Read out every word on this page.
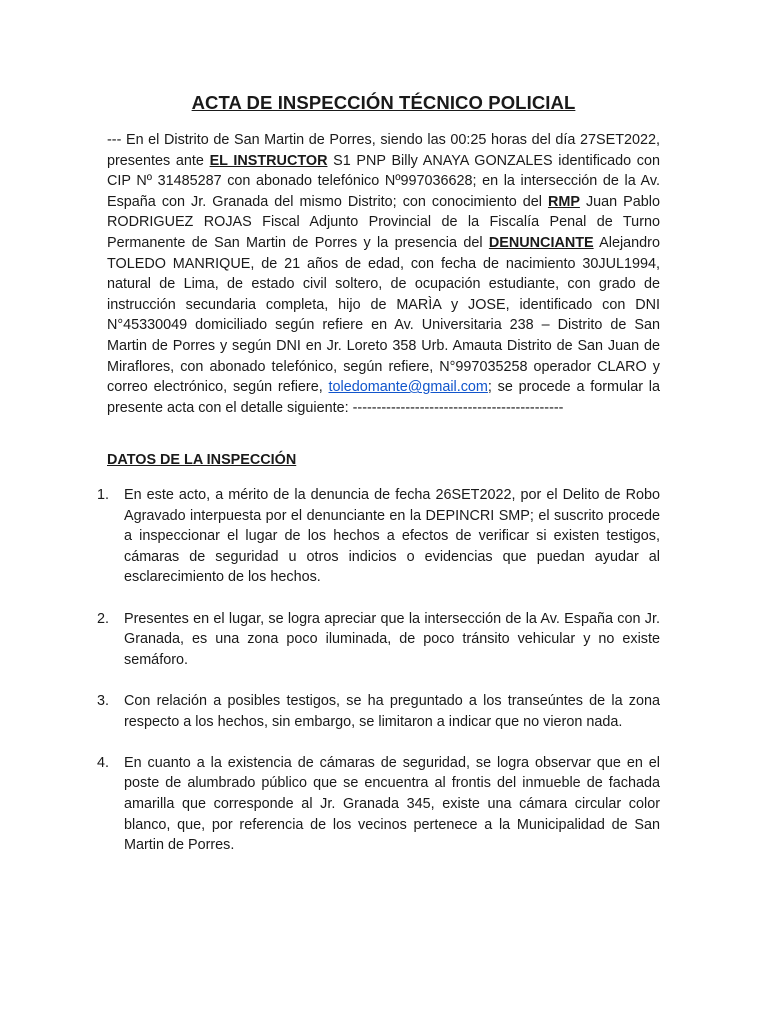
ACTA DE INSPECCIÓN TÉCNICO POLICIAL

--- En el Distrito de San Martin de Porres, siendo las 00:25 horas del día 27SET2022, presentes ante EL INSTRUCTOR S1 PNP Billy ANAYA GONZALES identificado con CIP Nº 31485287 con abonado telefónico Nº997036628; en la intersección de la Av. España con Jr. Granada del mismo Distrito; con conocimiento del RMP Juan Pablo RODRIGUEZ ROJAS Fiscal Adjunto Provincial de la Fiscalía Penal de Turno Permanente de San Martin de Porres y la presencia del DENUNCIANTE Alejandro TOLEDO MANRIQUE, de 21 años de edad, con fecha de nacimiento 30JUL1994, natural de Lima, de estado civil soltero, de ocupación estudiante, con grado de instrucción secundaria completa, hijo de MARÌA y JOSE, identificado con DNI N°45330049 domiciliado según refiere en Av. Universitaria 238 – Distrito de San Martin de Porres y según DNI en Jr. Loreto 358 Urb. Amauta Distrito de San Juan de Miraflores, con abonado telefónico, según refiere, N°997035258 operador CLARO y correo electrónico, según refiere, toledomante@gmail.com; se procede a formular la presente acta con el detalle siguiente: --------------------------------------------

DATOS DE LA INSPECCIÓN
1. En este acto, a mérito de la denuncia de fecha 26SET2022, por el Delito de Robo Agravado interpuesta por el denunciante en la DEPINCRI SMP; el suscrito procede a inspeccionar el lugar de los hechos a efectos de verificar si existen testigos, cámaras de seguridad u otros indicios o evidencias que puedan ayudar al esclarecimiento de los hechos.
2. Presentes en el lugar, se logra apreciar que la intersección de la Av. España con Jr. Granada, es una zona poco iluminada, de poco tránsito vehicular y no existe semáforo.
3. Con relación a posibles testigos, se ha preguntado a los transeúntes de la zona respecto a los hechos, sin embargo, se limitaron a indicar que no vieron nada.
4. En cuanto a la existencia de cámaras de seguridad, se logra observar que en el poste de alumbrado público que se encuentra al frontis del inmueble de fachada amarilla que corresponde al Jr. Granada 345, existe una cámara circular color blanco, que, por referencia de los vecinos pertenece a la Municipalidad de San Martin de Porres.
